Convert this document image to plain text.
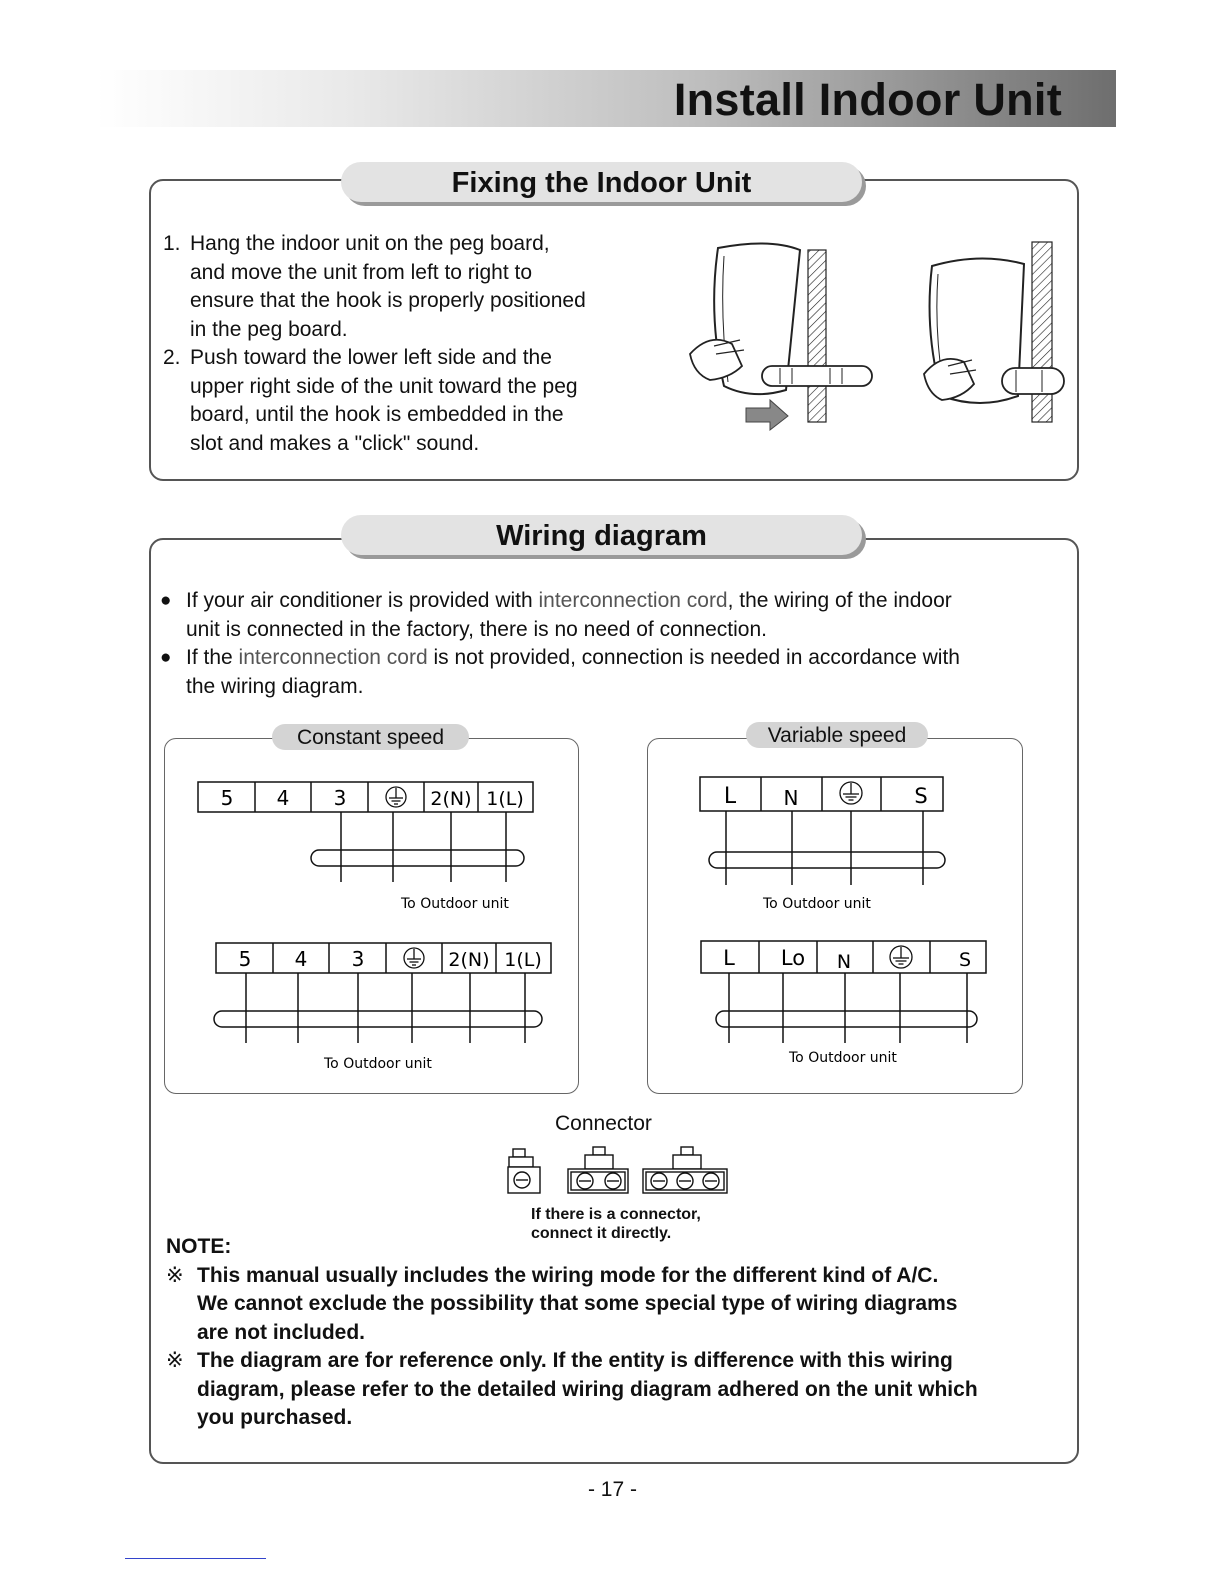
Install Indoor Unit
Fixing the Indoor Unit
1. Hang the indoor unit on the peg board,
and move the unit from left to right to
ensure that the hook is properly positioned
in the peg board.
2. Push toward the lower left side and the
upper right side of the unit toward the peg
board, until the hook is embedded in the
slot and makes a "click" sound.
Wiring diagram
● If your air conditioner is provided with interconnection cord, the wiring of the indoor
unit is connected in the factory, there is no need of connection.
● If the interconnection cord is not provided, connection is needed in accordance with
the wiring diagram.
Constant speed
5 4 3	2(N) 1(L)
To Outdoor unit
5 4 3	2(N) 1(L)
To Outdoor unit
Variable speed
L N	S
To Outdoor unit
L Lo N	S
To Outdoor unit
Connector
If there is a connector,
connect it directly.
NOTE:
※ This manual usually includes the wiring mode for the different kind of A/C.
We cannot exclude the possibility that some special type of wiring diagrams
are not included.
※ The diagram are for reference only. If the entity is difference with this wiring
diagram, please refer to the detailed wiring diagram adhered on the unit which
you purchased.
- 17 -
